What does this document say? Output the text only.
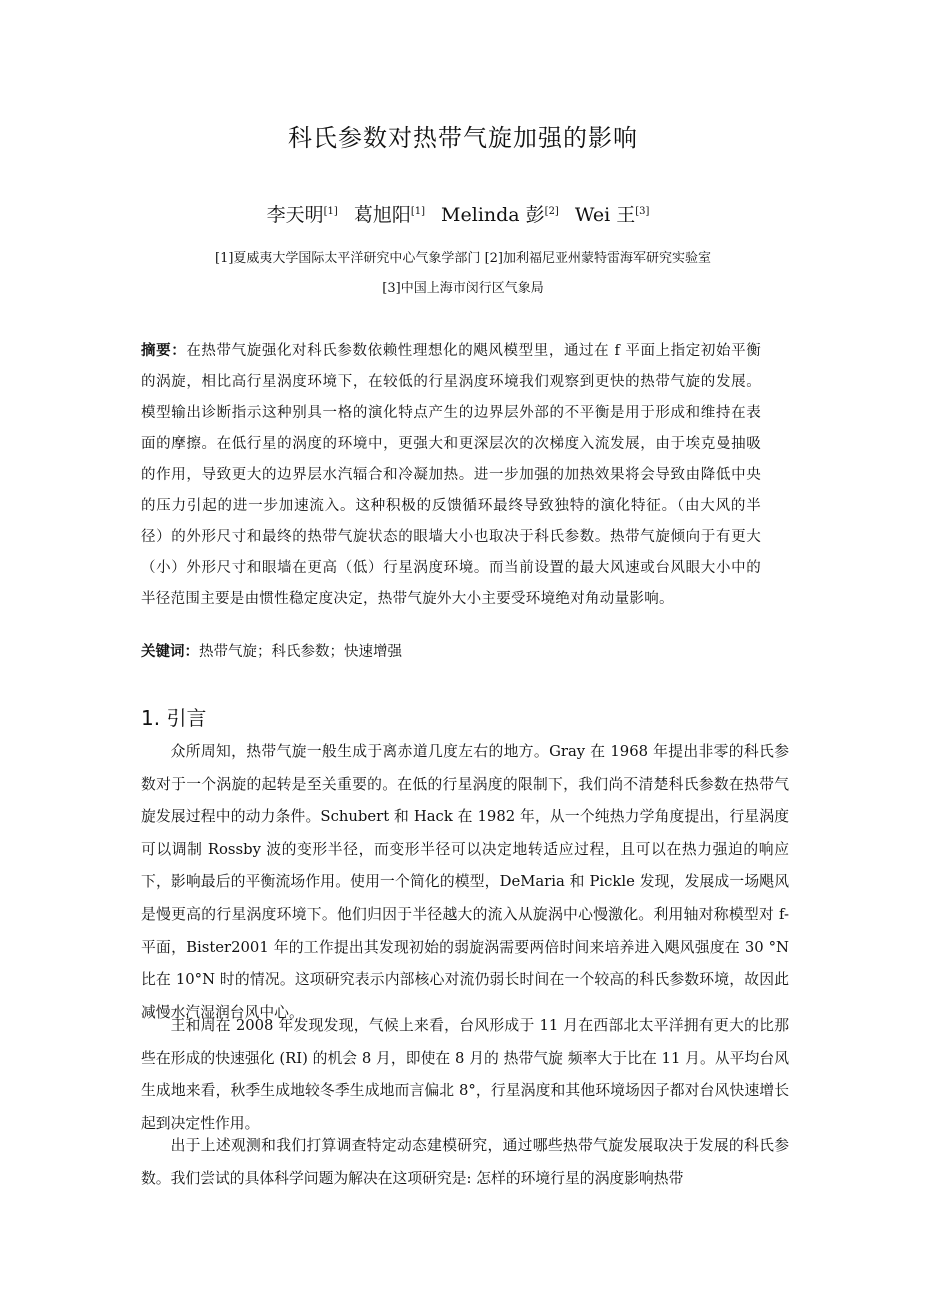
科氏参数对热带气旋加强的影响
李天明[1] 葛旭阳[1] Melinda 彭[2] Wei 王[3]
[1]夏威夷大学国际太平洋研究中心气象学部门 [2]加利福尼亚州蒙特雷海军研究实验室
[3]中国上海市闵行区气象局
摘要：在热带气旋强化对科氏参数依赖性理想化的飓风模型里，通过在 f 平面上指定初始平衡的涡旋，相比高行星涡度环境下，在较低的行星涡度环境我们观察到更快的热带气旋的发展。模型输出诊断指示这种别具一格的演化特点产生的边界层外部的不平衡是用于形成和维持在表面的摩擦。在低行星的涡度的环境中，更强大和更深层次的次梯度入流发展，由于埃克曼抽吸的作用，导致更大的边界层水汽辐合和冷凝加热。进一步加强的加热效果将会导致由降低中央的压力引起的进一步加速流入。这种积极的反馈循环最终导致独特的演化特征。（由大风的半径）的外形尺寸和最终的热带气旋状态的眼墙大小也取决于科氏参数。热带气旋倾向于有更大（小）外形尺寸和眼墙在更高（低）行星涡度环境。而当前设置的最大风速或台风眼大小中的半径范围主要是由惯性稳定度决定，热带气旋外大小主要受环境绝对角动量影响。
关键词：热带气旋；科氏参数；快速增强
1. 引言

众所周知，热带气旋一般生成于离赤道几度左右的地方。Gray 在 1968 年提出非零的科氏参数对于一个涡旋的起转是至关重要的。在低的行星涡度的限制下，我们尚不清楚科氏参数在热带气旋发展过程中的动力条件。Schubert 和 Hack 在 1982 年，从一个纯热力学角度提出，行星涡度可以调制 Rossby 波的变形半径，而变形半径可以决定地转适应过程，且可以在热力强迫的响应下，影响最后的平衡流场作用。使用一个简化的模型，DeMaria 和 Pickle 发现，发展成一场飓风是慢更高的行星涡度环境下。他们归因于半径越大的流入从旋涡中心慢激化。利用轴对称模型对 f-平面，Bister2001 年的工作提出其发现初始的弱旋涡需要两倍时间来培养进入飓风强度在 30 °N 比在 10°N 时的情况。这项研究表示内部核心对流仍弱长时间在一个较高的科氏参数环境，故因此减慢水汽湿润台风中心。

王和周在 2008 年发现发现，气候上来看，台风形成于 11 月在西部北太平洋拥有更大的比那些在形成的快速强化 (RI) 的机会 8 月，即使在 8 月的 热带气旋 频率大于比在 11 月。从平均台风生成地来看，秋季生成地较冬季生成地而言偏北 8°，行星涡度和其他环境场因子都对台风快速增长起到决定性作用。

出于上述观测和我们打算调查特定动态建模研究，通过哪些热带气旋发展取决于发展的科氏参数。我们尝试的具体科学问题为解决在这项研究是: 怎样的环境行星的涡度影响热带
